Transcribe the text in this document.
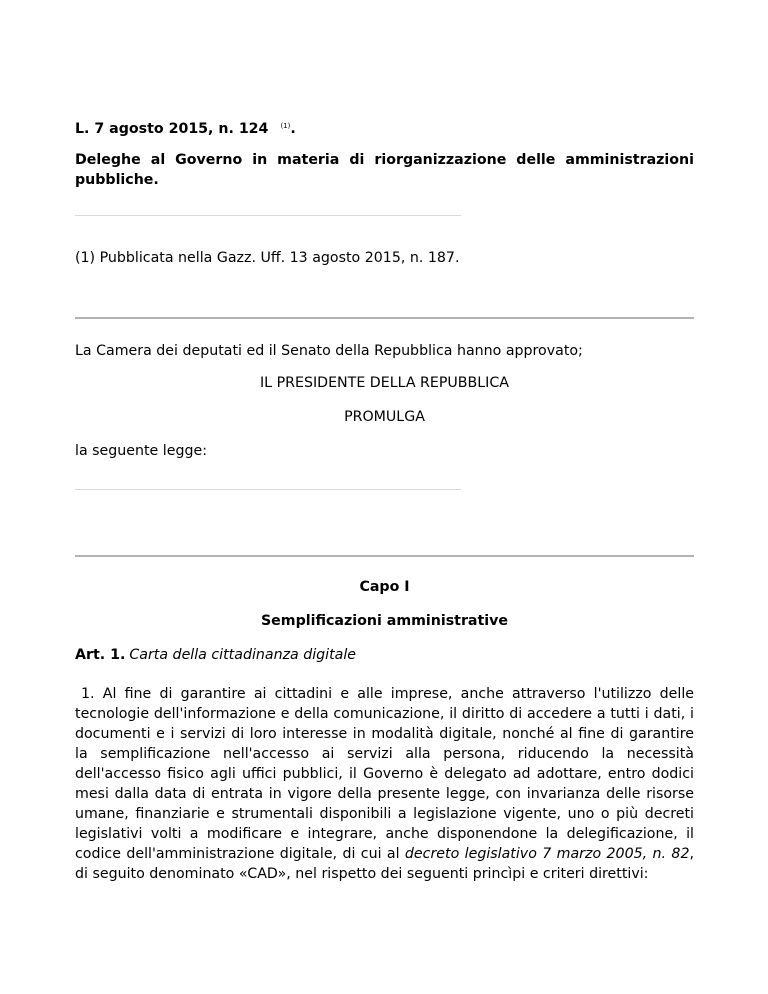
L. 7 agosto 2015, n. 124 $^{(1)}$.
Deleghe al Governo in materia di riorganizzazione delle amministrazioni pubbliche.
(1) Pubblicata nella Gazz. Uff. 13 agosto 2015, n. 187.
La Camera dei deputati ed il Senato della Repubblica hanno approvato;
IL PRESIDENTE DELLA REPUBBLICA
PROMULGA
la seguente legge:
Capo I
Semplificazioni amministrative
Art. 1. Carta della cittadinanza digitale
1. Al fine di garantire ai cittadini e alle imprese, anche attraverso l'utilizzo delle tecnologie dell'informazione e della comunicazione, il diritto di accedere a tutti i dati, i documenti e i servizi di loro interesse in modalità digitale, nonché al fine di garantire la semplificazione nell'accesso ai servizi alla persona, riducendo la necessità dell'accesso fisico agli uffici pubblici, il Governo è delegato ad adottare, entro dodici mesi dalla data di entrata in vigore della presente legge, con invarianza delle risorse umane, finanziarie e strumentali disponibili a legislazione vigente, uno o più decreti legislativi volti a modificare e integrare, anche disponendone la delegificazione, il codice dell'amministrazione digitale, di cui al decreto legislativo 7 marzo 2005, n. 82, di seguito denominato «CAD», nel rispetto dei seguenti princìpi e criteri direttivi:
